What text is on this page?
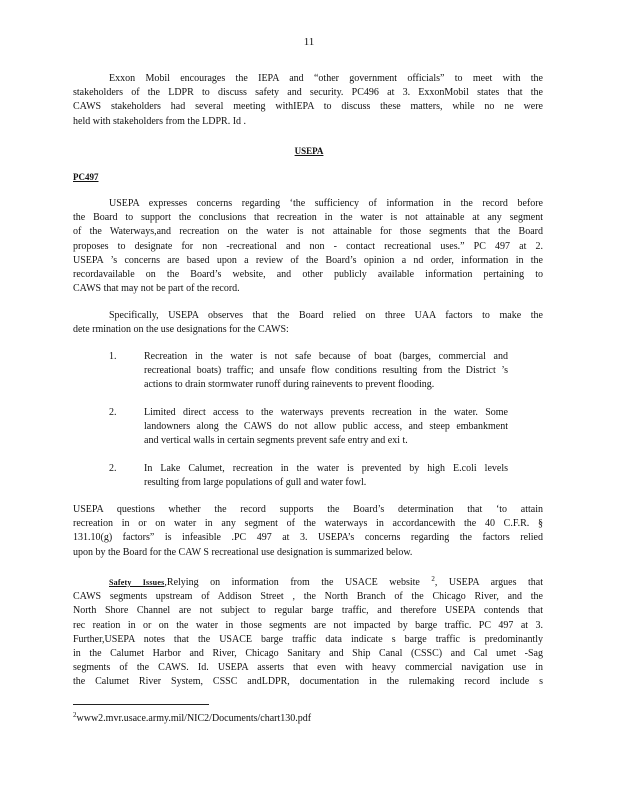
11
Exxon Mobil encourages the IEPA and “other government officials” to meet with the
stakeholders of the LDPR to discuss safety and security. PC496 at 3. ExxonMobil states that the
CAWS stakeholders had several meeting withIEPA to discuss these matters, while no ne were
held with stakeholders from the LDPR. Id .
USEPA
PC497
USEPA expresses concerns regarding ‘the sufficiency of information in the record before
the Board to support the conclusions that recreation in the water is not attainable at any segment
of the Waterways,and recreation on the water is not attainable for those segments that the Board
proposes to designate for non -recreational and non - contact recreational uses.” PC 497 at 2.
USEPA ’s concerns are based upon a review of the Board’s opinion a nd order, information in the
recordavailable on the Board’s website, and other publicly available information pertaining to
CAWS that may not be part of the record.
Specifically, USEPA observes that the Board relied on three UAA factors to make the
dete rmination on the use designations for the CAWS:
1.	Recreation in the water is not safe because of boat (barges, commercial and
recreational boats) traffic; and unsafe flow conditions resulting from the District ’s
actions to drain stormwater runoff during rainevents to prevent flooding.
2.	Limited direct access to the waterways prevents recreation in the water. Some
landowners along the CAWS do not allow public access, and steep embankment
and vertical walls in certain segments prevent safe entry and exi t.
2.	In Lake Calumet, recreation in the water is prevented by high E.coli levels
resulting from large populations of gull and water fowl.
USEPA questions whether the record supports the Board’s determination that ‘to attain
recreation in or on water in any segment of the waterways in accordancewith the 40 C.F.R. §
131.10(g) factors” is infeasible .PC 497 at 3. USEPA’s concerns regarding the factors relied
upon by the Board for the CAW S recreational use designation is summarized below.
Safety Issues,Relying on information from the USACE website $^2$, USEPA argues that
CAWS segments upstream of Addison Street , the North Branch of the Chicago River, and the
North Shore Channel are not subject to regular barge traffic, and therefore USEPA contends that
rec reation in or on the water in those segments are not impacted by barge traffic. PC 497 at 3.
Further,USEPA notes that the USACE barge traffic data indicate s barge traffic is predominantly
in the Calumet Harbor and River, Chicago Sanitary and Ship Canal (CSSC) and Cal umet -Sag
segments of the CAWS. Id. USEPA asserts that even with heavy commercial navigation use in
the Calumet River System, CSSC andLDPR, documentation in the rulemaking record include s
$^2$www2.mvr.usace.army.mil/NIC2/Documents/chart130.pdf
